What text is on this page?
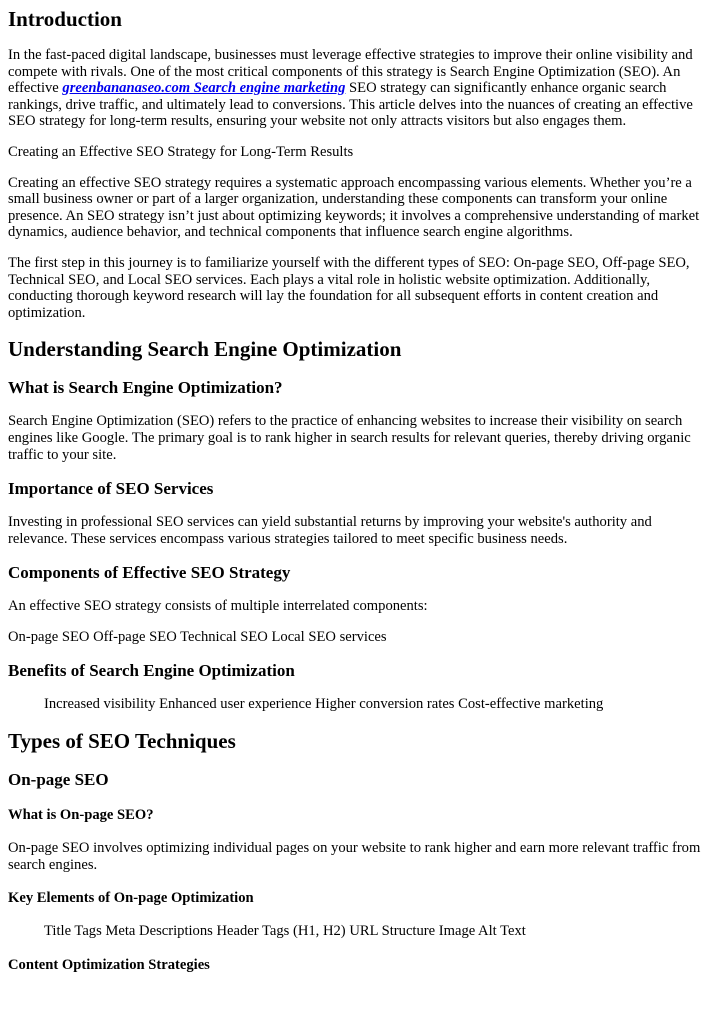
Introduction

In the fast-paced digital landscape, businesses must leverage effective strategies to improve their online visibility and compete with rivals. One of the most critical components of this strategy is Search Engine Optimization (SEO). An effective greenbananaseo.com Search engine marketing SEO strategy can significantly enhance organic search rankings, drive traffic, and ultimately lead to conversions. This article delves into the nuances of creating an effective SEO strategy for long-term results, ensuring your website not only attracts visitors but also engages them.

Creating an Effective SEO Strategy for Long-Term Results

Creating an effective SEO strategy requires a systematic approach encompassing various elements. Whether you’re a small business owner or part of a larger organization, understanding these components can transform your online presence. An SEO strategy isn’t just about optimizing keywords; it involves a comprehensive understanding of market dynamics, audience behavior, and technical components that influence search engine algorithms.

The first step in this journey is to familiarize yourself with the different types of SEO: On-page SEO, Off-page SEO, Technical SEO, and Local SEO services. Each plays a vital role in holistic website optimization. Additionally, conducting thorough keyword research will lay the foundation for all subsequent efforts in content creation and optimization.

Understanding Search Engine Optimization
What is Search Engine Optimization?

Search Engine Optimization (SEO) refers to the practice of enhancing websites to increase their visibility on search engines like Google. The primary goal is to rank higher in search results for relevant queries, thereby driving organic traffic to your site.

Importance of SEO Services

Investing in professional SEO services can yield substantial returns by improving your website's authority and relevance. These services encompass various strategies tailored to meet specific business needs.

Components of Effective SEO Strategy

An effective SEO strategy consists of multiple interrelated components:

On-page SEO Off-page SEO Technical SEO Local SEO services

Benefits of Search Engine Optimization

Increased visibility Enhanced user experience Higher conversion rates Cost-effective marketing

Types of SEO Techniques
On-page SEO
What is On-page SEO?

On-page SEO involves optimizing individual pages on your website to rank higher and earn more relevant traffic from search engines.

Key Elements of On-page Optimization

Title Tags Meta Descriptions Header Tags (H1, H2) URL Structure Image Alt Text

Content Optimization Strategies
